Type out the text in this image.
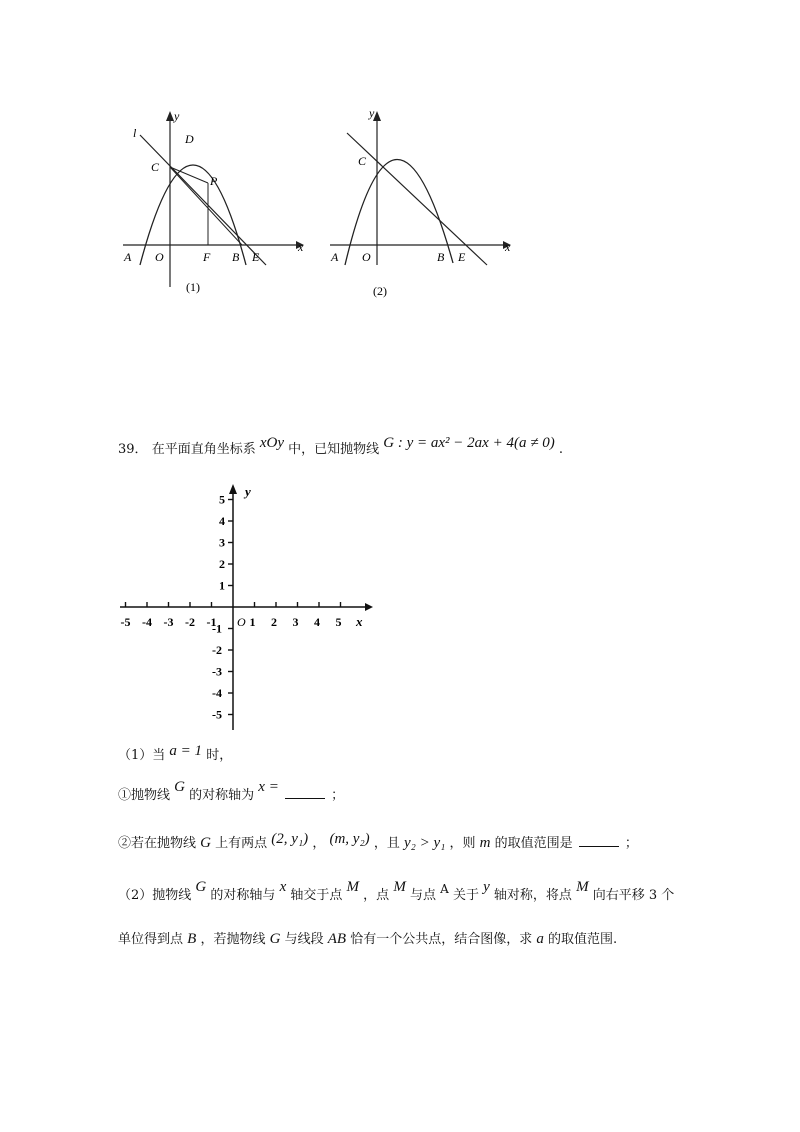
y
l	D
C
P
A O	F B E
x
(1)
y
C
A O	B E
x
(2)
39． 在平面直角坐标系 xOy 中，已知抛物线 G : y = ax² − 2ax + 4(a ≠ 0) .
-5 -4 -3 -2 -1	1 2 3 4 5
5
4
3
2
1
-1
-2
-3
-4
-5
O	x
y
（1）当 a = 1 时，
①抛物线 G 的对称轴为 x =  ；
②若在抛物线 G 上有两点 (2, y₁) ， (m, y₂) ，且 y₂ > y₁ ，则 m 的取值范围是	；
（2）抛物线 G 的对称轴与 x 轴交于点 M ，点 M 与点 A 关于 y 轴对称，将点 M 向右平移 3 个
单位得到点 B ，若抛物线 G 与线段 AB 恰有一个公共点，结合图像，求 a 的取值范围.
